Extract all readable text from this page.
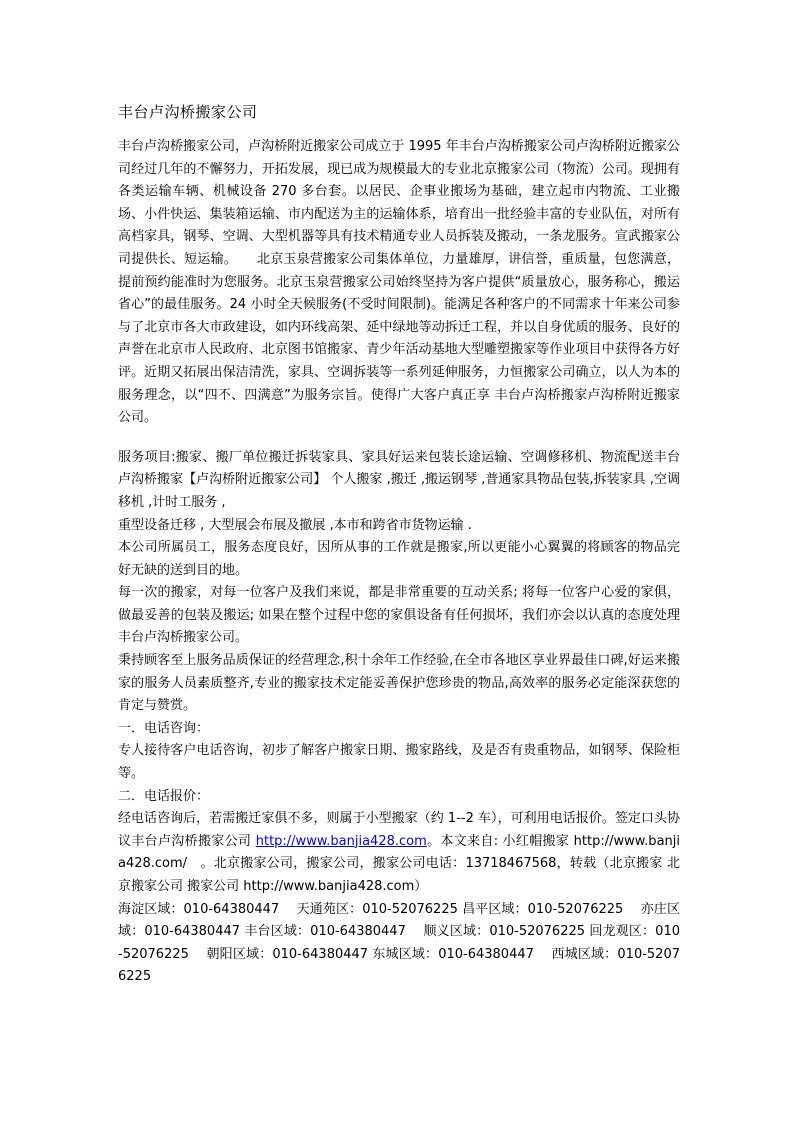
丰台卢沟桥搬家公司

丰台卢沟桥搬家公司，卢沟桥附近搬家公司成立于 1995 年丰台卢沟桥搬家公司卢沟桥附近搬家公司经过几年的不懈努力，开拓发展，现已成为规模最大的专业北京搬家公司（物流）公司。现拥有各类运输车辆、机械设备 270 多台套。以居民、企事业搬场为基础，建立起市内物流、工业搬场、小件快运、集装箱运输、市内配送为主的运输体系，培育出一批经验丰富的专业队伍，对所有高档家具，钢琴、空调、大型机器等具有技术精通专业人员拆装及搬动，一条龙服务。宣武搬家公司提供长、短运输。　　北京玉泉营搬家公司集体单位，力量雄厚，讲信誉，重质量，包您满意，提前预约能准时为您服务。北京玉泉营搬家公司始终坚持为客户提供“质量放心，服务称心，搬运省心”的最佳服务。24 小时全天候服务(不受时间限制)。能满足各种客户的不同需求十年来公司参与了北京市各大市政建设，如内环线高架、延中绿地等动拆迁工程，并以自身优质的服务、良好的声誉在北京市人民政府、北京图书馆搬家、青少年活动基地大型雕塑搬家等作业项目中获得各方好评。近期又拓展出保洁清洗，家具、空调拆装等一系列延伸服务，力恒搬家公司确立，以人为本的服务理念，以“四不、四满意”为服务宗旨。使得广大客户真正享 丰台卢沟桥搬家卢沟桥附近搬家公司。

服务项目:搬家、搬厂单位搬迁拆装家具、家具好运来包装长途运输、空调修移机、物流配送丰台卢沟桥搬家【卢沟桥附近搬家公司】 个人搬家 ,搬迁 ,搬运钢琴 ,普通家具物品包装,拆装家具 ,空调移机 ,计时工服务 ,

重型设备迁移 , 大型展会布展及撤展 ,本市和跨省市货物运输 .

本公司所属员工，服务态度良好，因所从事的工作就是搬家,所以更能小心翼翼的将顾客的物品完好无缺的送到目的地。

每一次的搬家，对每一位客户及我们来说，都是非常重要的互动关系; 将每一位客户心爱的家俱，做最妥善的包装及搬运; 如果在整个过程中您的家俱设备有任何损坏，我们亦会以认真的态度处理丰台卢沟桥搬家公司。

秉持顾客至上服务品质保证的经营理念,积十余年工作经验,在全市各地区享业界最佳口碑,好运来搬家的服务人员素质整齐,专业的搬家技术定能妥善保护您珍贵的物品,高效率的服务必定能深获您的肯定与赞赏。

一．电话咨询：

专人接待客户电话咨询，初步了解客户搬家日期、搬家路线，及是否有贵重物品，如钢琴、保险柜等。

二．电话报价：

经电话咨询后，若需搬迁家俱不多，则属于小型搬家（约 1--2 车），可利用电话报价。签定口头协议丰台卢沟桥搬家公司 http://www.banjia428.com。本文来自: 小红帽搬家 http://www.banjia428.com/　。北京搬家公司，搬家公司，搬家公司电话：13718467568，转载（北京搬家 北京搬家公司 搬家公司 http://www.banjia428.com）

海淀区域：010-64380447　 天通苑区：010-52076225 昌平区域：010-52076225　 亦庄区域：010-64380447 丰台区域：010-64380447　 顺义区域：010-52076225 回龙观区：010-52076225　 朝阳区域：010-64380447 东城区域：010-64380447　 西城区域：010-52076225
